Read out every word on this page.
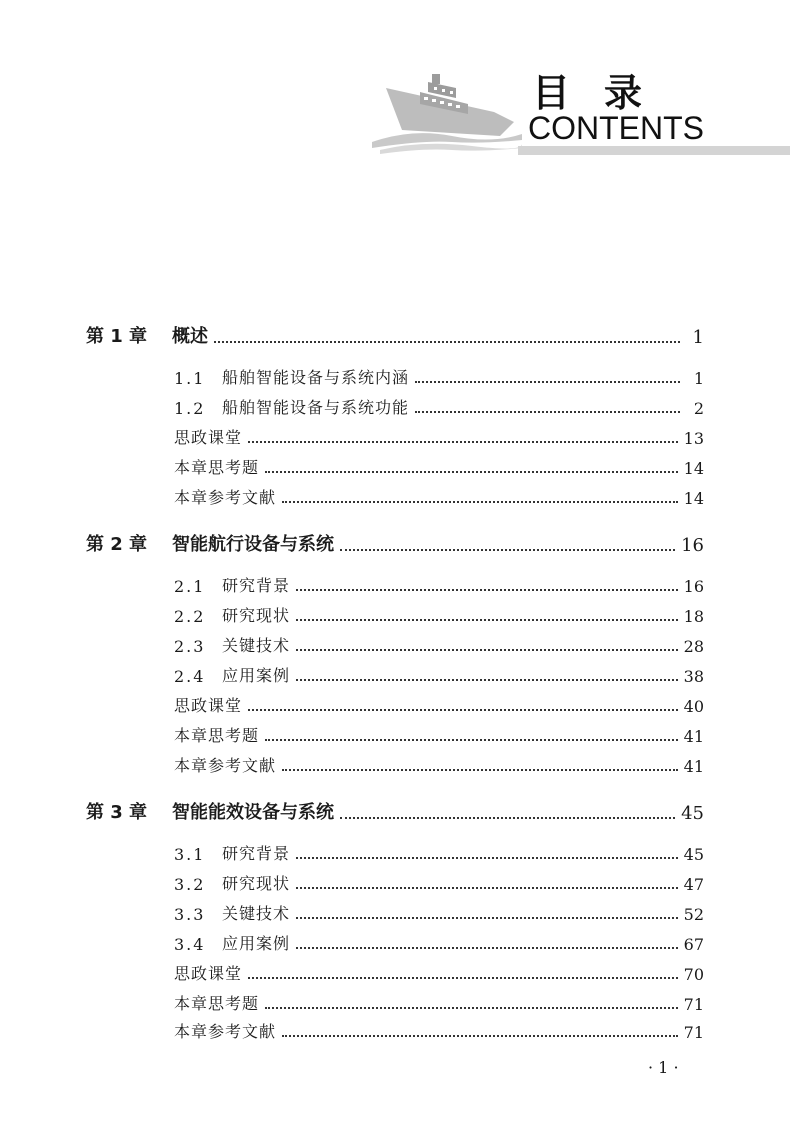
目录
CONTENTS
第 1 章	概述	1
1.1	船舶智能设备与系统内涵	1
1.2	船舶智能设备与系统功能	2
思政课堂	13
本章思考题	14
本章参考文献	14
第 2 章	智能航行设备与系统	16
2.1	研究背景	16
2.2	研究现状	18
2.3	关键技术	28
2.4	应用案例	38
思政课堂	40
本章思考题	41
本章参考文献	41
第 3 章	智能能效设备与系统	45
3.1	研究背景	45
3.2	研究现状	47
3.3	关键技术	52
3.4	应用案例	67
思政课堂	70
本章思考题	71
本章参考文献	71
· 1 ·
